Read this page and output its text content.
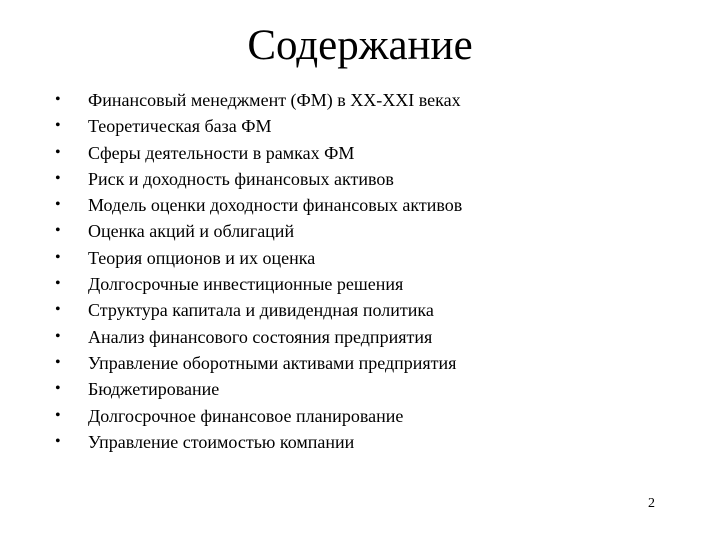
Содержание
•	Финансовый менеджмент (ФМ) в XX-XXI веках
•	Теоретическая база ФМ
•	Сферы деятельности в рамках ФМ
•	Риск и доходность финансовых активов
•	Модель оценки доходности финансовых активов
•	Оценка акций и облигаций
•	Теория опционов и их оценка
•	Долгосрочные инвестиционные решения
•	Структура капитала и дивидендная политика
•	Анализ финансового состояния предприятия
•	Управление оборотными активами предприятия
•	Бюджетирование
•	Долгосрочное финансовое планирование
•	Управление стоимостью компании
2
